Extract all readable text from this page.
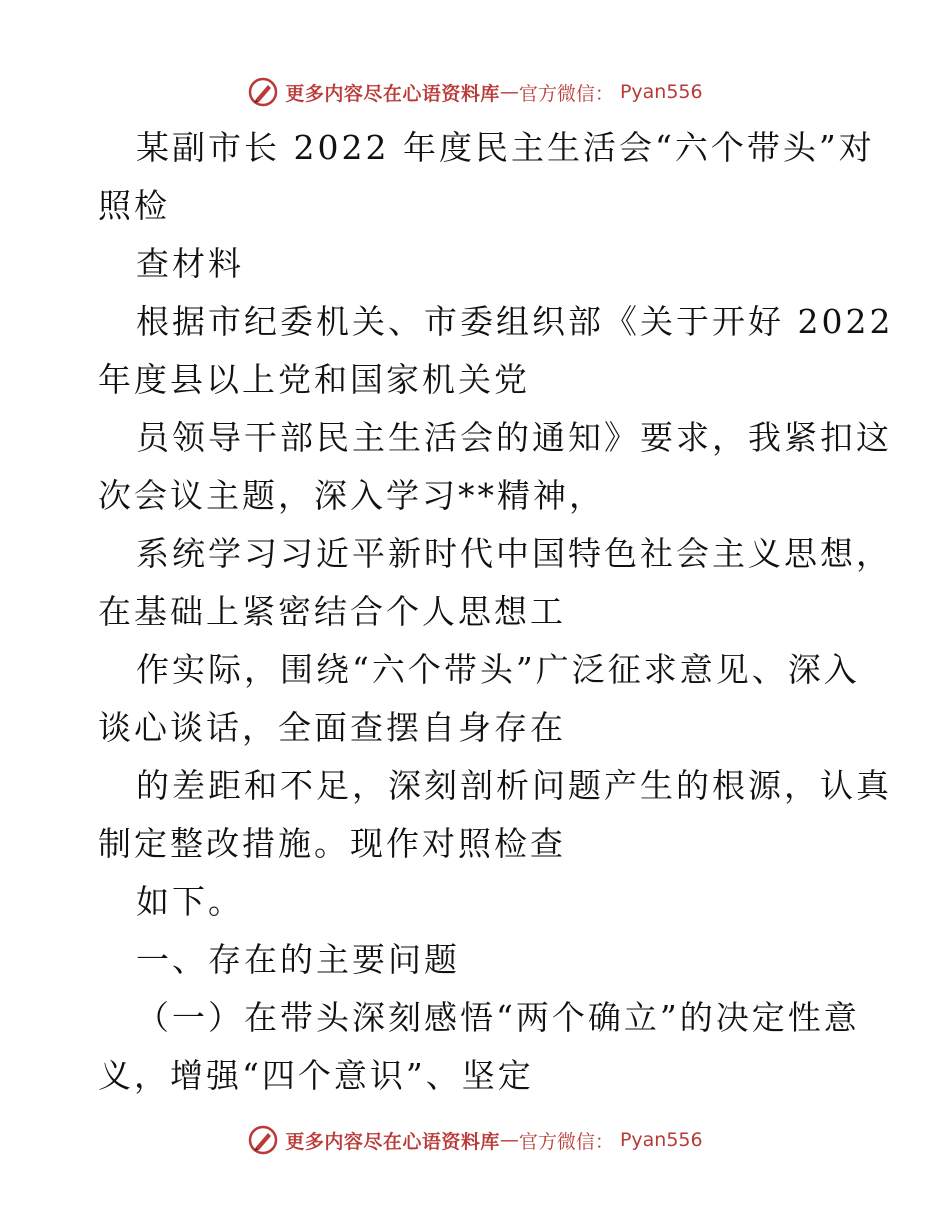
更多内容尽在心语资料库 — 官方微信： Pyan556
某副市长 2022 年度民主生活会“六个带头”对
照检
查材料
根据市纪委机关、市委组织部《关于开好 2022
年度县以上党和国家机关党
员领导干部民主生活会的通知》要求，我紧扣这
次会议主题，深入学习**精神，
系统学习习近平新时代中国特色社会主义思想，
在基础上紧密结合个人思想工
作实际，围绕“六个带头”广泛征求意见、深入
谈心谈话，全面查摆自身存在
的差距和不足，深刻剖析问题产生的根源，认真
制定整改措施。现作对照检查
如下。
一、存在的主要问题
（一）在带头深刻感悟“两个确立”的决定性意
义，增强“四个意识”、坚定
更多内容尽在心语资料库 — 官方微信： Pyan556
